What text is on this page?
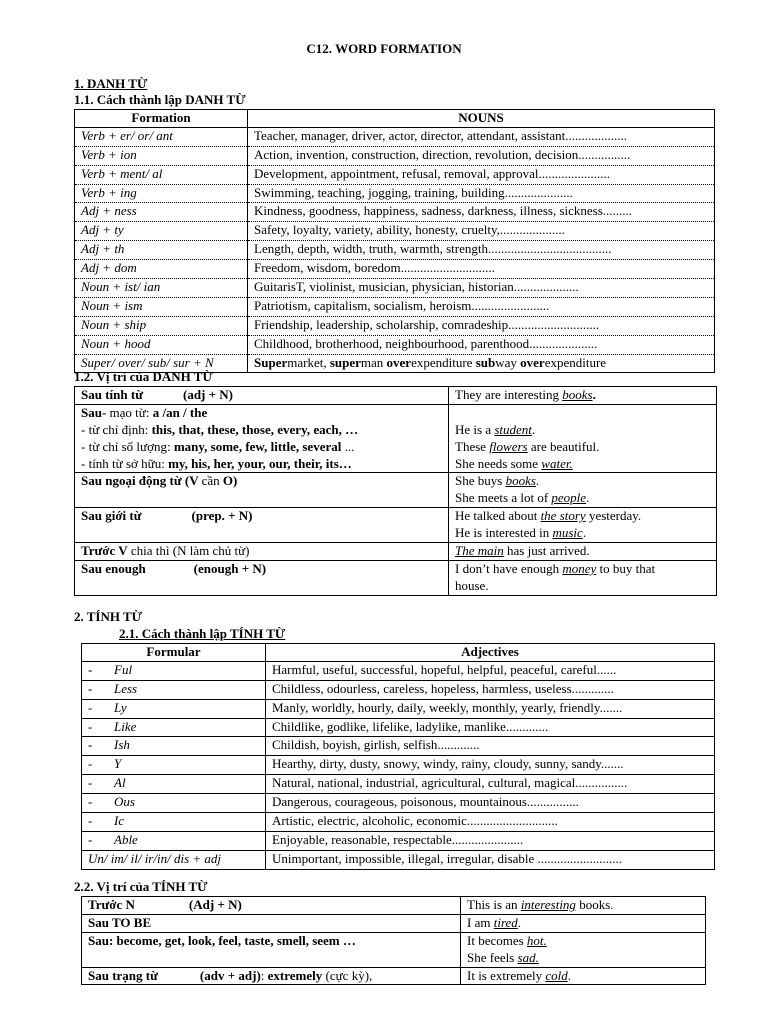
C12. WORD FORMATION
1. DANH TỪ
1.1. Cách thành lập DANH TỪ
Formation	NOUNS
Verb + er/ or/ ant	Teacher, manager, driver, actor, director, attendant, assistant...................
Verb + ion	Action, invention, construction, direction, revolution, decision................
Verb + ment/ al	Development, appointment, refusal, removal, approval......................
Verb + ing	Swimming, teaching, jogging, training, building.....................
Adj + ness	Kindness, goodness, happiness, sadness, darkness, illness, sickness.........
Adj + ty	Safety, loyalty, variety, ability, honesty, cruelty,....................
Adj + th	Length, depth, width, truth, warmth, strength......................................
Adj + dom	Freedom, wisdom, boredom.............................
Noun + ist/ ian	GuitarisT, violinist, musician, physician, historian....................
Noun + ism	Patriotism, capitalism, socialism, heroism........................
Noun + ship	Friendship, leadership, scholarship, comradeship............................
Noun + hood	Childhood, brotherhood, neighbourhood, parenthood.....................
Super/ over/ sub/ sur + N	Supermarket, superman overexpenditure subway overexpenditure
1.2. Vị trí của DANH TỪ
Sau tính từ (adj + N)	They are interesting books.

Sau- mạo từ: a /an / the
- từ chỉ định: this, that, these, those, every, each, …
- từ chỉ số lượng: many, some, few, little, several ...
- tính từ sở hữu: my, his, her, your, our, their, its…	He is a student.
These flowers are beautiful.
She needs some water.

Sau ngoại động từ (V cần O)	She buys books.
She meets a lot of people.

Sau giới từ (prep. + N)	He talked about the story yesterday.
He is interested in music.

Trước V chia thì (N làm chủ từ)	The main has just arrived.
Sau enough (enough + N)	I don’t have enough money to buy that
house.
2. TÍNH TỪ
2.1. Cách thành lập TÍNH TỪ
Formular	Adjectives
- Ful	Harmful, useful, successful, hopeful, helpful, peaceful, careful......
- Less	Childless, odourless, careless, hopeless, harmless, useless.............
- Ly	Manly, worldly, hourly, daily, weekly, monthly, yearly, friendly.......
- Like	Childlike, godlike, lifelike, ladylike, manlike.............
- Ish	Childish, boyish, girlish, selfish.............
- Y	Hearthy, dirty, dusty, snowy, windy, rainy, cloudy, sunny, sandy.......
- Al	Natural, national, industrial, agricultural, cultural, magical................
- Ous	Dangerous, courageous, poisonous, mountainous................
- Ic	Artistic, electric, alcoholic, economic............................
- Able	Enjoyable, reasonable, respectable......................
Un/ im/ il/ ir/in/ dis + adj	Unimportant, impossible, illegal, irregular, disable ..........................
2.2. Vị trí của TÍNH TỪ
Trước N (Adj + N)	This is an interesting books.
Sau TO BE	I am tired.
Sau: become, get, look, feel, taste, smell, seem …	It becomes hot.
She feels sad.

Sau trạng từ (adv + adj): extremely (cực kỳ),	It is extremely cold.
